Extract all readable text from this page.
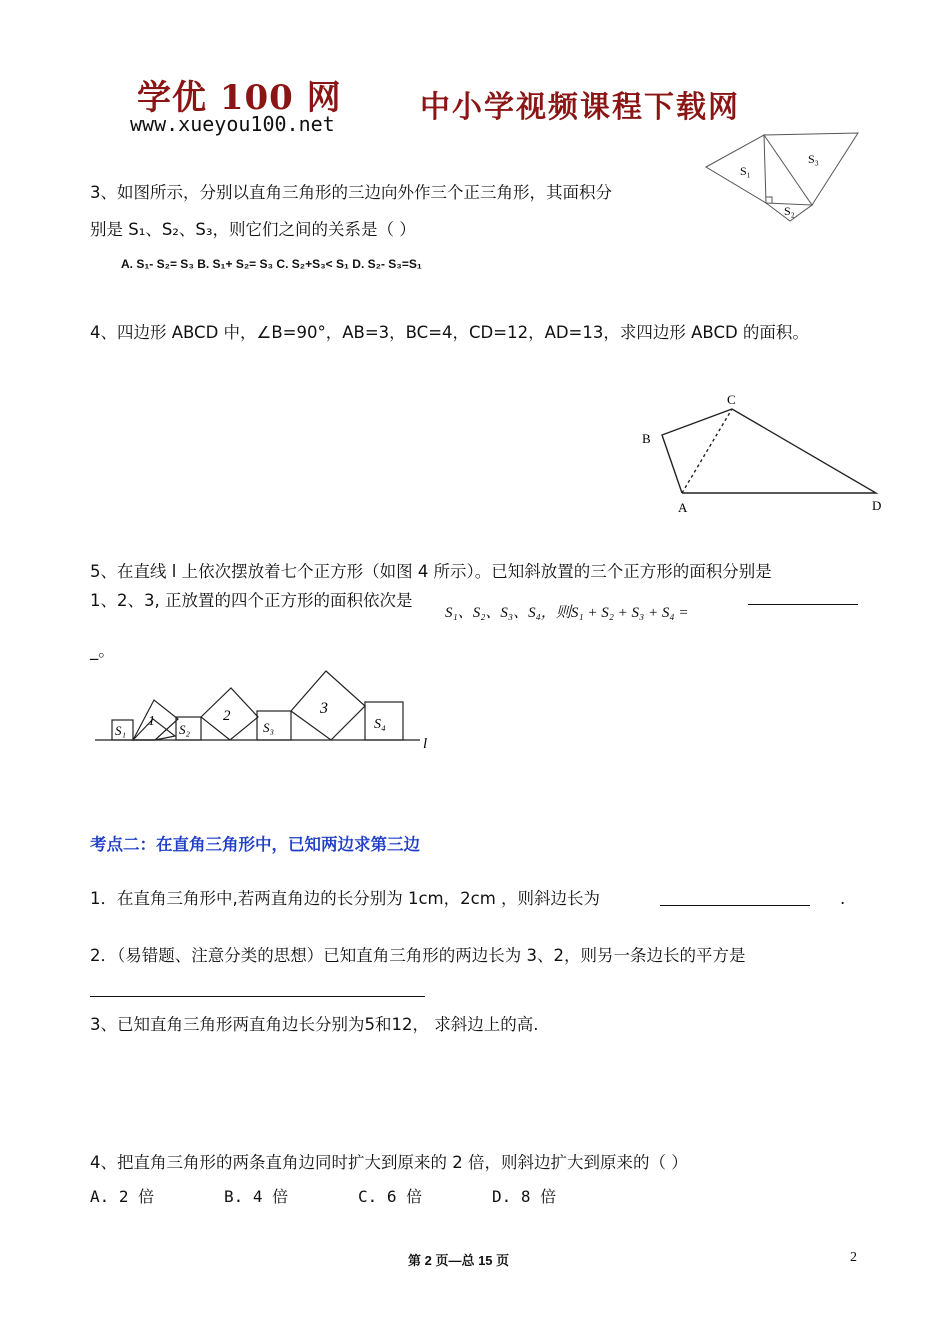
学优 100 网
www.xueyou100.net	中小学视频课程下载网
3、如图所示，分别以直角三角形的三边向外作三个正三角形，其面积分
别是 S₁、S₂、S₃，则它们之间的关系是（ ）
A. S₁- S₂= S₃ B. S₁+ S₂= S₃ C. S₂+S₃< S₁ D. S₂- S₃=S₁
S₁
S₂
S₃
4、四边形 ABCD 中，∠B=90°，AB=3，BC=4，CD=12，AD=13，求四边形 ABCD 的面积。
A
B
C
D
5、在直线 l 上依次摆放着七个正方形（如图 4 所示）。已知斜放置的三个正方形的面积分别是
1、2、3, 正放置的四个正方形的面积依次是
S₁、S₂、S₃、S₄，则S₁ + S₂ + S₃ + S₄ =
_。
S₁
1
S₂
2
S₃
3
S₄
l
考点二：在直角三角形中，已知两边求第三边
1．在直角三角形中,若两直角边的长分别为 1cm，2cm ，则斜边长为	.
2．（易错题、注意分类的思想）已知直角三角形的两边长为 3、2，则另一条边长的平方是
3、已知直角三角形两直角边长分别为5和12， 求斜边上的高.
4、把直角三角形的两条直角边同时扩大到原来的 2 倍，则斜边扩大到原来的（ ）
A. 2 倍	B. 4 倍	C. 6 倍	D. 8 倍
第 2 页—总 15 页	2
